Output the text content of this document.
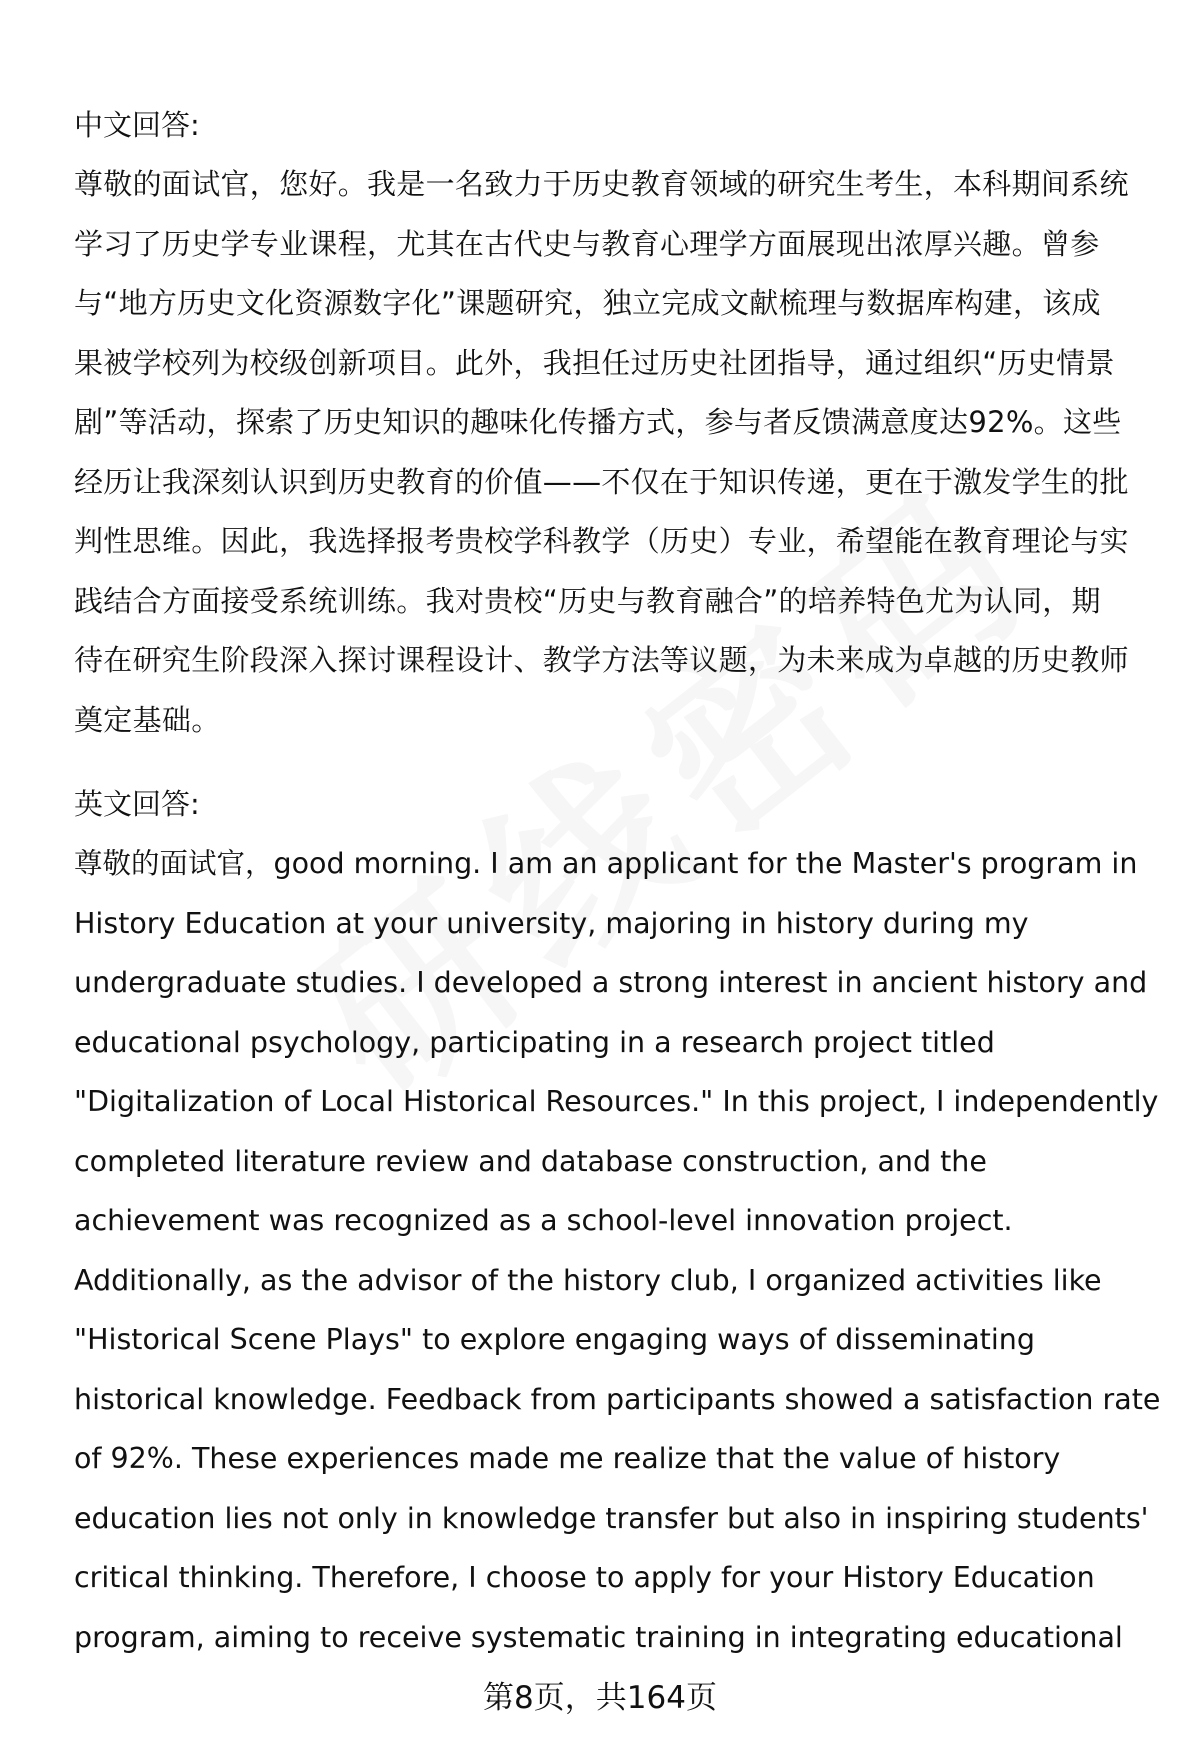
中文回答:

尊敬的面试官，您好。我是一名致力于历史教育领域的研究生考生，本科期间系统
学习了历史学专业课程，尤其在古代史与教育心理学方面展现出浓厚兴趣。曾参
与“地方历史文化资源数字化”课题研究，独立完成文献梳理与数据库构建，该成
果被学校列为校级创新项目。此外，我担任过历史社团指导，通过组织“历史情景
剧”等活动，探索了历史知识的趣味化传播方式，参与者反馈满意度达92%。这些
经历让我深刻认识到历史教育的价值——不仅在于知识传递，更在于激发学生的批
判性思维。因此，我选择报考贵校学科教学（历史）专业，希望能在教育理论与实
践结合方面接受系统训练。我对贵校“历史与教育融合”的培养特色尤为认同，期
待在研究生阶段深入探讨课程设计、教学方法等议题，为未来成为卓越的历史教师
奠定基础。

英文回答:

尊敬的面试官，good morning. I am an applicant for the Master's program in
History Education at your university, majoring in history during my
undergraduate studies. I developed a strong interest in ancient history and
educational psychology, participating in a research project titled
"Digitalization of Local Historical Resources." In this project, I independently
completed literature review and database construction, and the
achievement was recognized as a school-level innovation project.
Additionally, as the advisor of the history club, I organized activities like
"Historical Scene Plays" to explore engaging ways of disseminating
historical knowledge. Feedback from participants showed a satisfaction rate
of 92%. These experiences made me realize that the value of history
education lies not only in knowledge transfer but also in inspiring students'
critical thinking. Therefore, I choose to apply for your History Education
program, aiming to receive systematic training in integrating educational
第8页，共164页
